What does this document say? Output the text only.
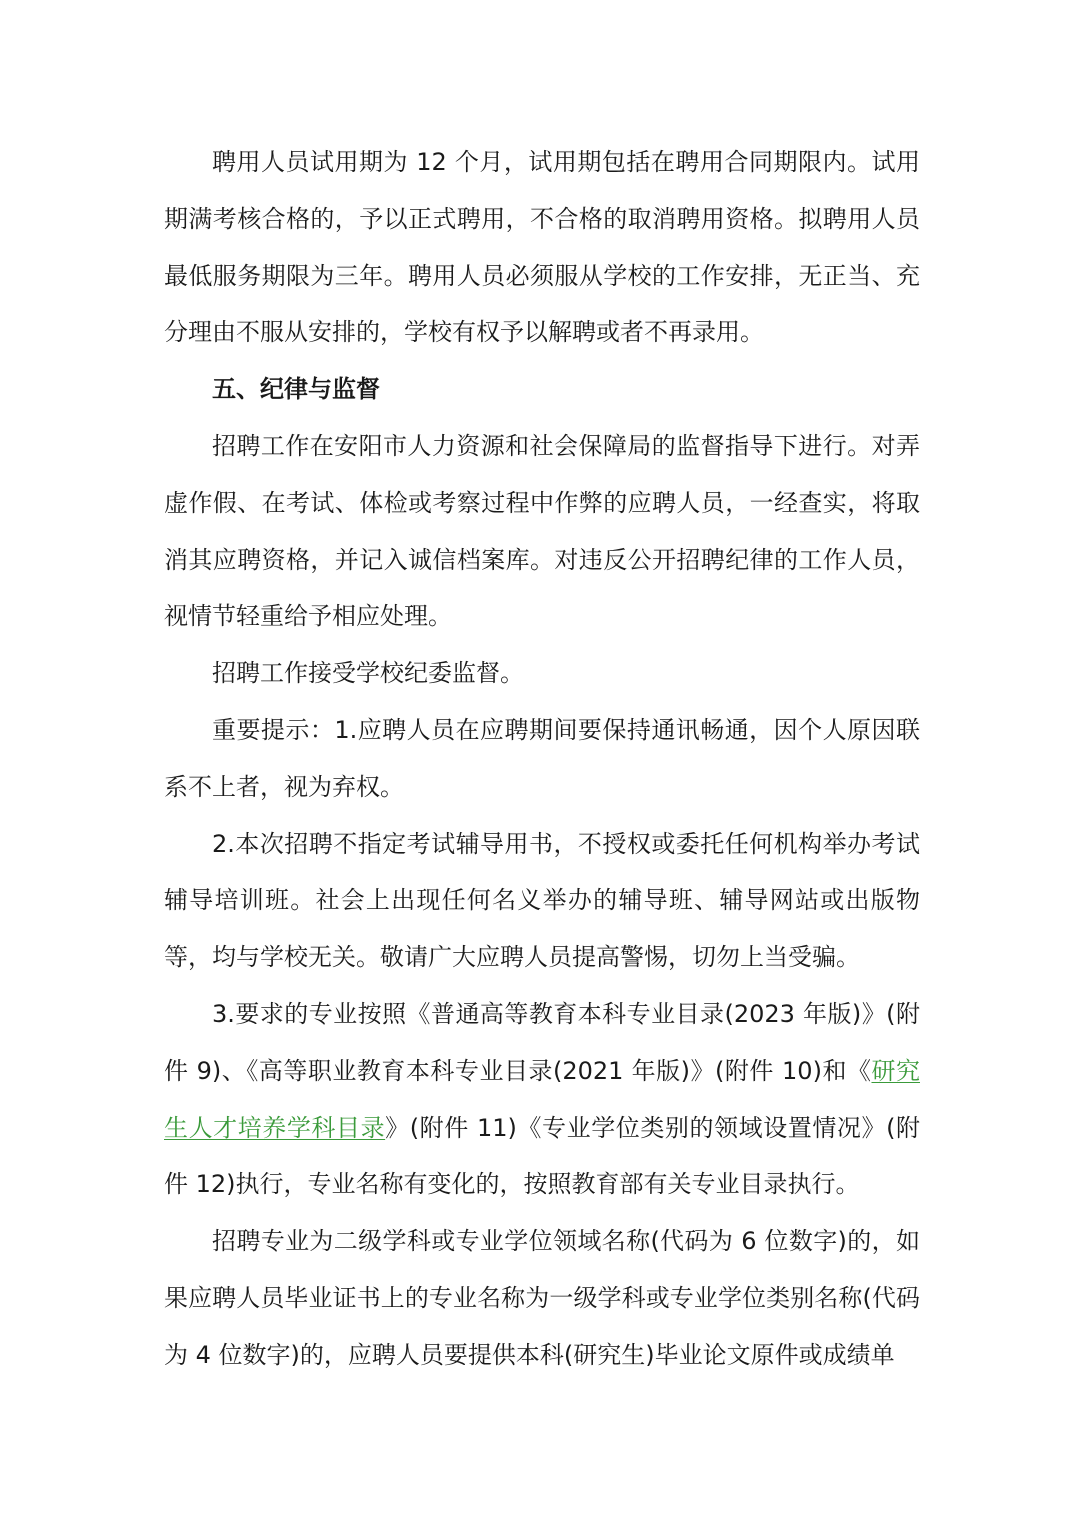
聘用人员试用期为 12 个月，试用期包括在聘用合同期限内。试用期满考核合格的，予以正式聘用，不合格的取消聘用资格。拟聘用人员最低服务期限为三年。聘用人员必须服从学校的工作安排，无正当、充分理由不服从安排的，学校有权予以解聘或者不再录用。

五、纪律与监督

招聘工作在安阳市人力资源和社会保障局的监督指导下进行。对弄虚作假、在考试、体检或考察过程中作弊的应聘人员，一经查实，将取消其应聘资格，并记入诚信档案库。对违反公开招聘纪律的工作人员，视情节轻重给予相应处理。

招聘工作接受学校纪委监督。

重要提示：1.应聘人员在应聘期间要保持通讯畅通，因个人原因联系不上者，视为弃权。

2.本次招聘不指定考试辅导用书，不授权或委托任何机构举办考试辅导培训班。社会上出现任何名义举办的辅导班、辅导网站或出版物等，均与学校无关。敬请广大应聘人员提高警惕，切勿上当受骗。

3.要求的专业按照《普通高等教育本科专业目录(2023 年版)》(附件 9)、《高等职业教育本科专业目录(2021 年版)》(附件 10)和《研究生人才培养学科目录》(附件 11)《专业学位类别的领域设置情况》(附件 12)执行，专业名称有变化的，按照教育部有关专业目录执行。

招聘专业为二级学科或专业学位领域名称(代码为 6 位数字)的，如果应聘人员毕业证书上的专业名称为一级学科或专业学位类别名称(代码为 4 位数字)的，应聘人员要提供本科(研究生)毕业论文原件或成绩单
